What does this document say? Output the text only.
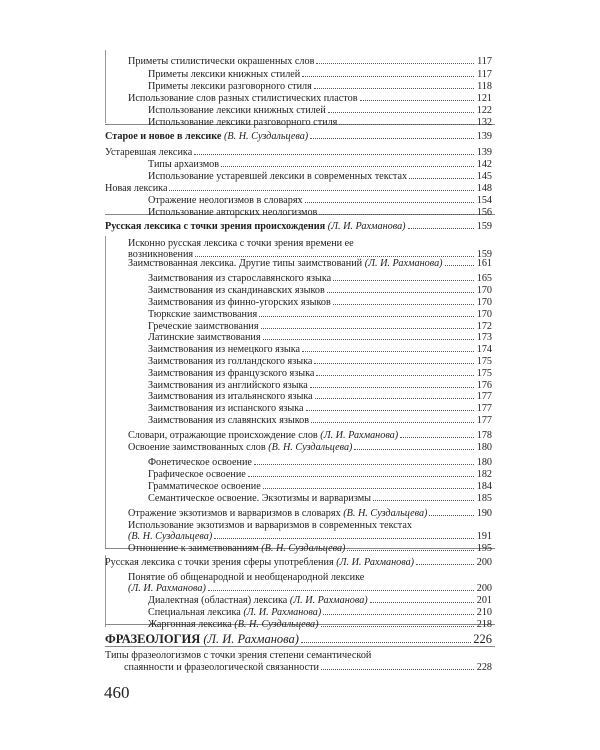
Приметы стилистически окрашенных слов	117
Приметы лексики книжных стилей	117
Приметы лексики разговорного стиля	118
Использование слов разных стилистических пластов	121
Использование лексики книжных стилей	122
Использование лексики разговорного стиля	132
Старое и новое в лексике (В. Н. Суздальцева)	139
Устаревшая лексика	139
Типы архаизмов	142
Использование устаревшей лексики в современных текстах	145
Новая лексика	148
Отражение неологизмов в словарях	154
Использование авторских неологизмов	156
Русская лексика с точки зрения происхождения (Л. И. Рахманова)	159
Исконно русская лексика с точки зрения времени ее
возникновения	159
Заимствованная лексика. Другие типы заимствований (Л. И. Рахманова)	161
Заимствования из старославянского языка	165
Заимствования из скандинавских языков	170
Заимствования из финно-угорских языков	170
Тюркские заимствования	170
Греческие заимствования	172
Латинские заимствования	173
Заимствования из немецкого языка	174
Заимствования из голландского языка	175
Заимствования из французского языка	175
Заимствования из английского языка	176
Заимствования из итальянского языка	177
Заимствования из испанского языка	177
Заимствования из славянских языков	177
Словари, отражающие происхождение слов (Л. И. Рахманова)	178
Освоение заимствованных слов (В. Н. Суздальцева)	180
Фонетическое освоение	180
Графическое освоение	182
Грамматическое освоение	184
Семантическое освоение. Экзотизмы и варваризмы	185
Отражение экзотизмов и варваризмов в словарях (В. Н. Суздальцева)	190
Использование экзотизмов и варваризмов в современных текстах
(В. Н. Суздальцева)	191
Отношение к заимствованиям (В. Н. Суздальцева)	195
Русская лексика с точки зрения сферы употребления (Л. И. Рахманова)	200
Понятие об общенародной и необщенародной лексике
(Л. И. Рахманова)	200
Диалектная (областная) лексика (Л. И. Рахманова)	201
Специальная лексика (Л. И. Рахманова)	210
Жаргонная лексика (В. Н. Суздальцева)	218
ФРАЗЕОЛОГИЯ (Л. И. Рахманова)	226
Типы фразеологизмов с точки зрения степени семантической
спаянности и фразеологической связанности	228
460
